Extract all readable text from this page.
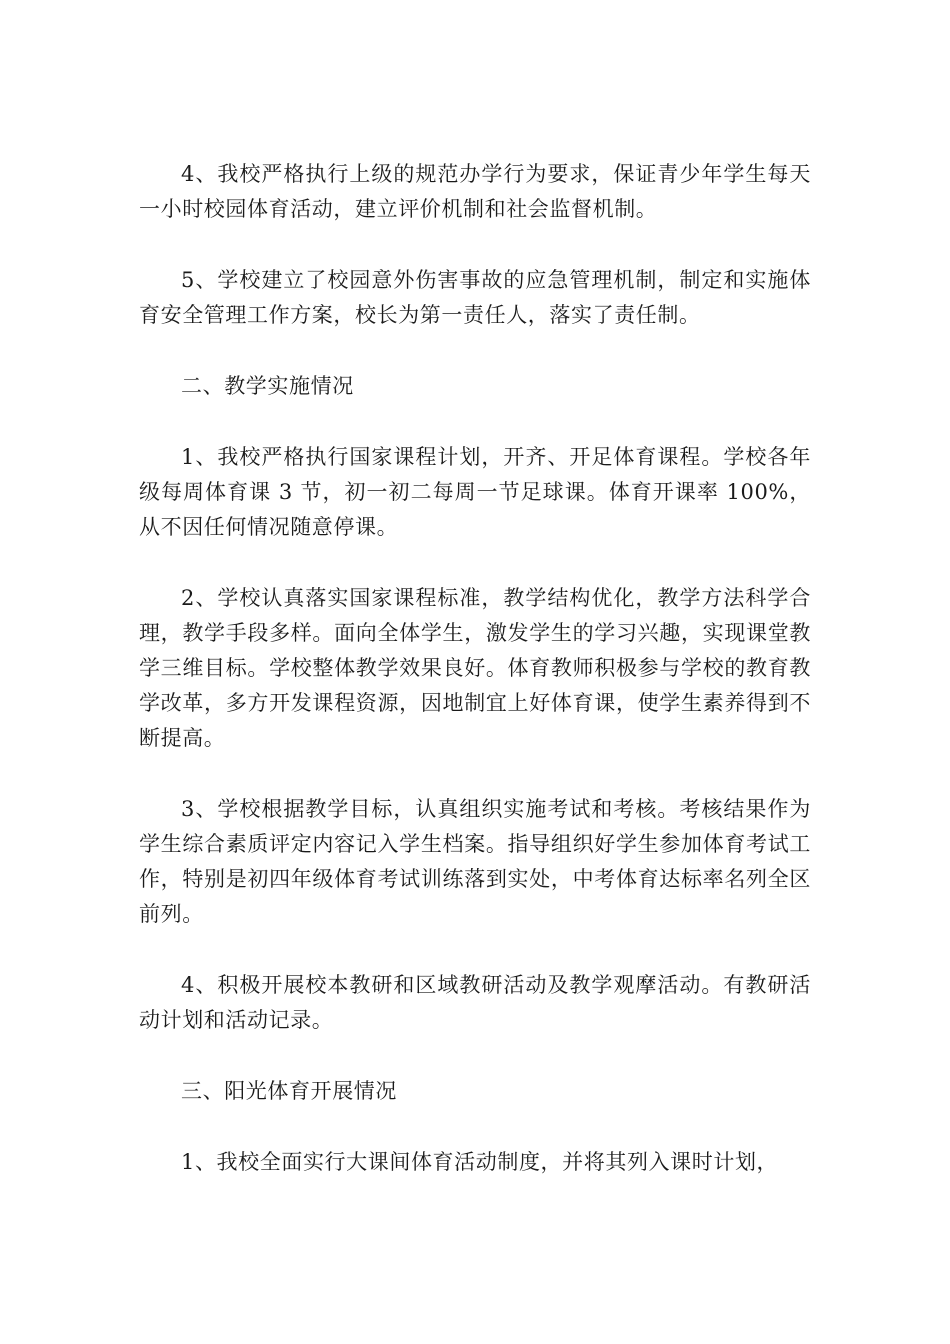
4、我校严格执行上级的规范办学行为要求，保证青少年学生每天一小时校园体育活动，建立评价机制和社会监督机制。

5、学校建立了校园意外伤害事故的应急管理机制，制定和实施体育安全管理工作方案，校长为第一责任人，落实了责任制。

二、教学实施情况

1、我校严格执行国家课程计划，开齐、开足体育课程。学校各年级每周体育课 3 节，初一初二每周一节足球课。体育开课率 100%，从不因任何情况随意停课。

2、学校认真落实国家课程标准，教学结构优化，教学方法科学合理，教学手段多样。面向全体学生，激发学生的学习兴趣，实现课堂教学三维目标。学校整体教学效果良好。体育教师积极参与学校的教育教学改革，多方开发课程资源，因地制宜上好体育课，使学生素养得到不断提高。

3、学校根据教学目标，认真组织实施考试和考核。考核结果作为学生综合素质评定内容记入学生档案。指导组织好学生参加体育考试工作，特别是初四年级体育考试训练落到实处，中考体育达标率名列全区前列。

4、积极开展校本教研和区域教研活动及教学观摩活动。有教研活动计划和活动记录。

三、阳光体育开展情况

1、我校全面实行大课间体育活动制度，并将其列入课时计划，
